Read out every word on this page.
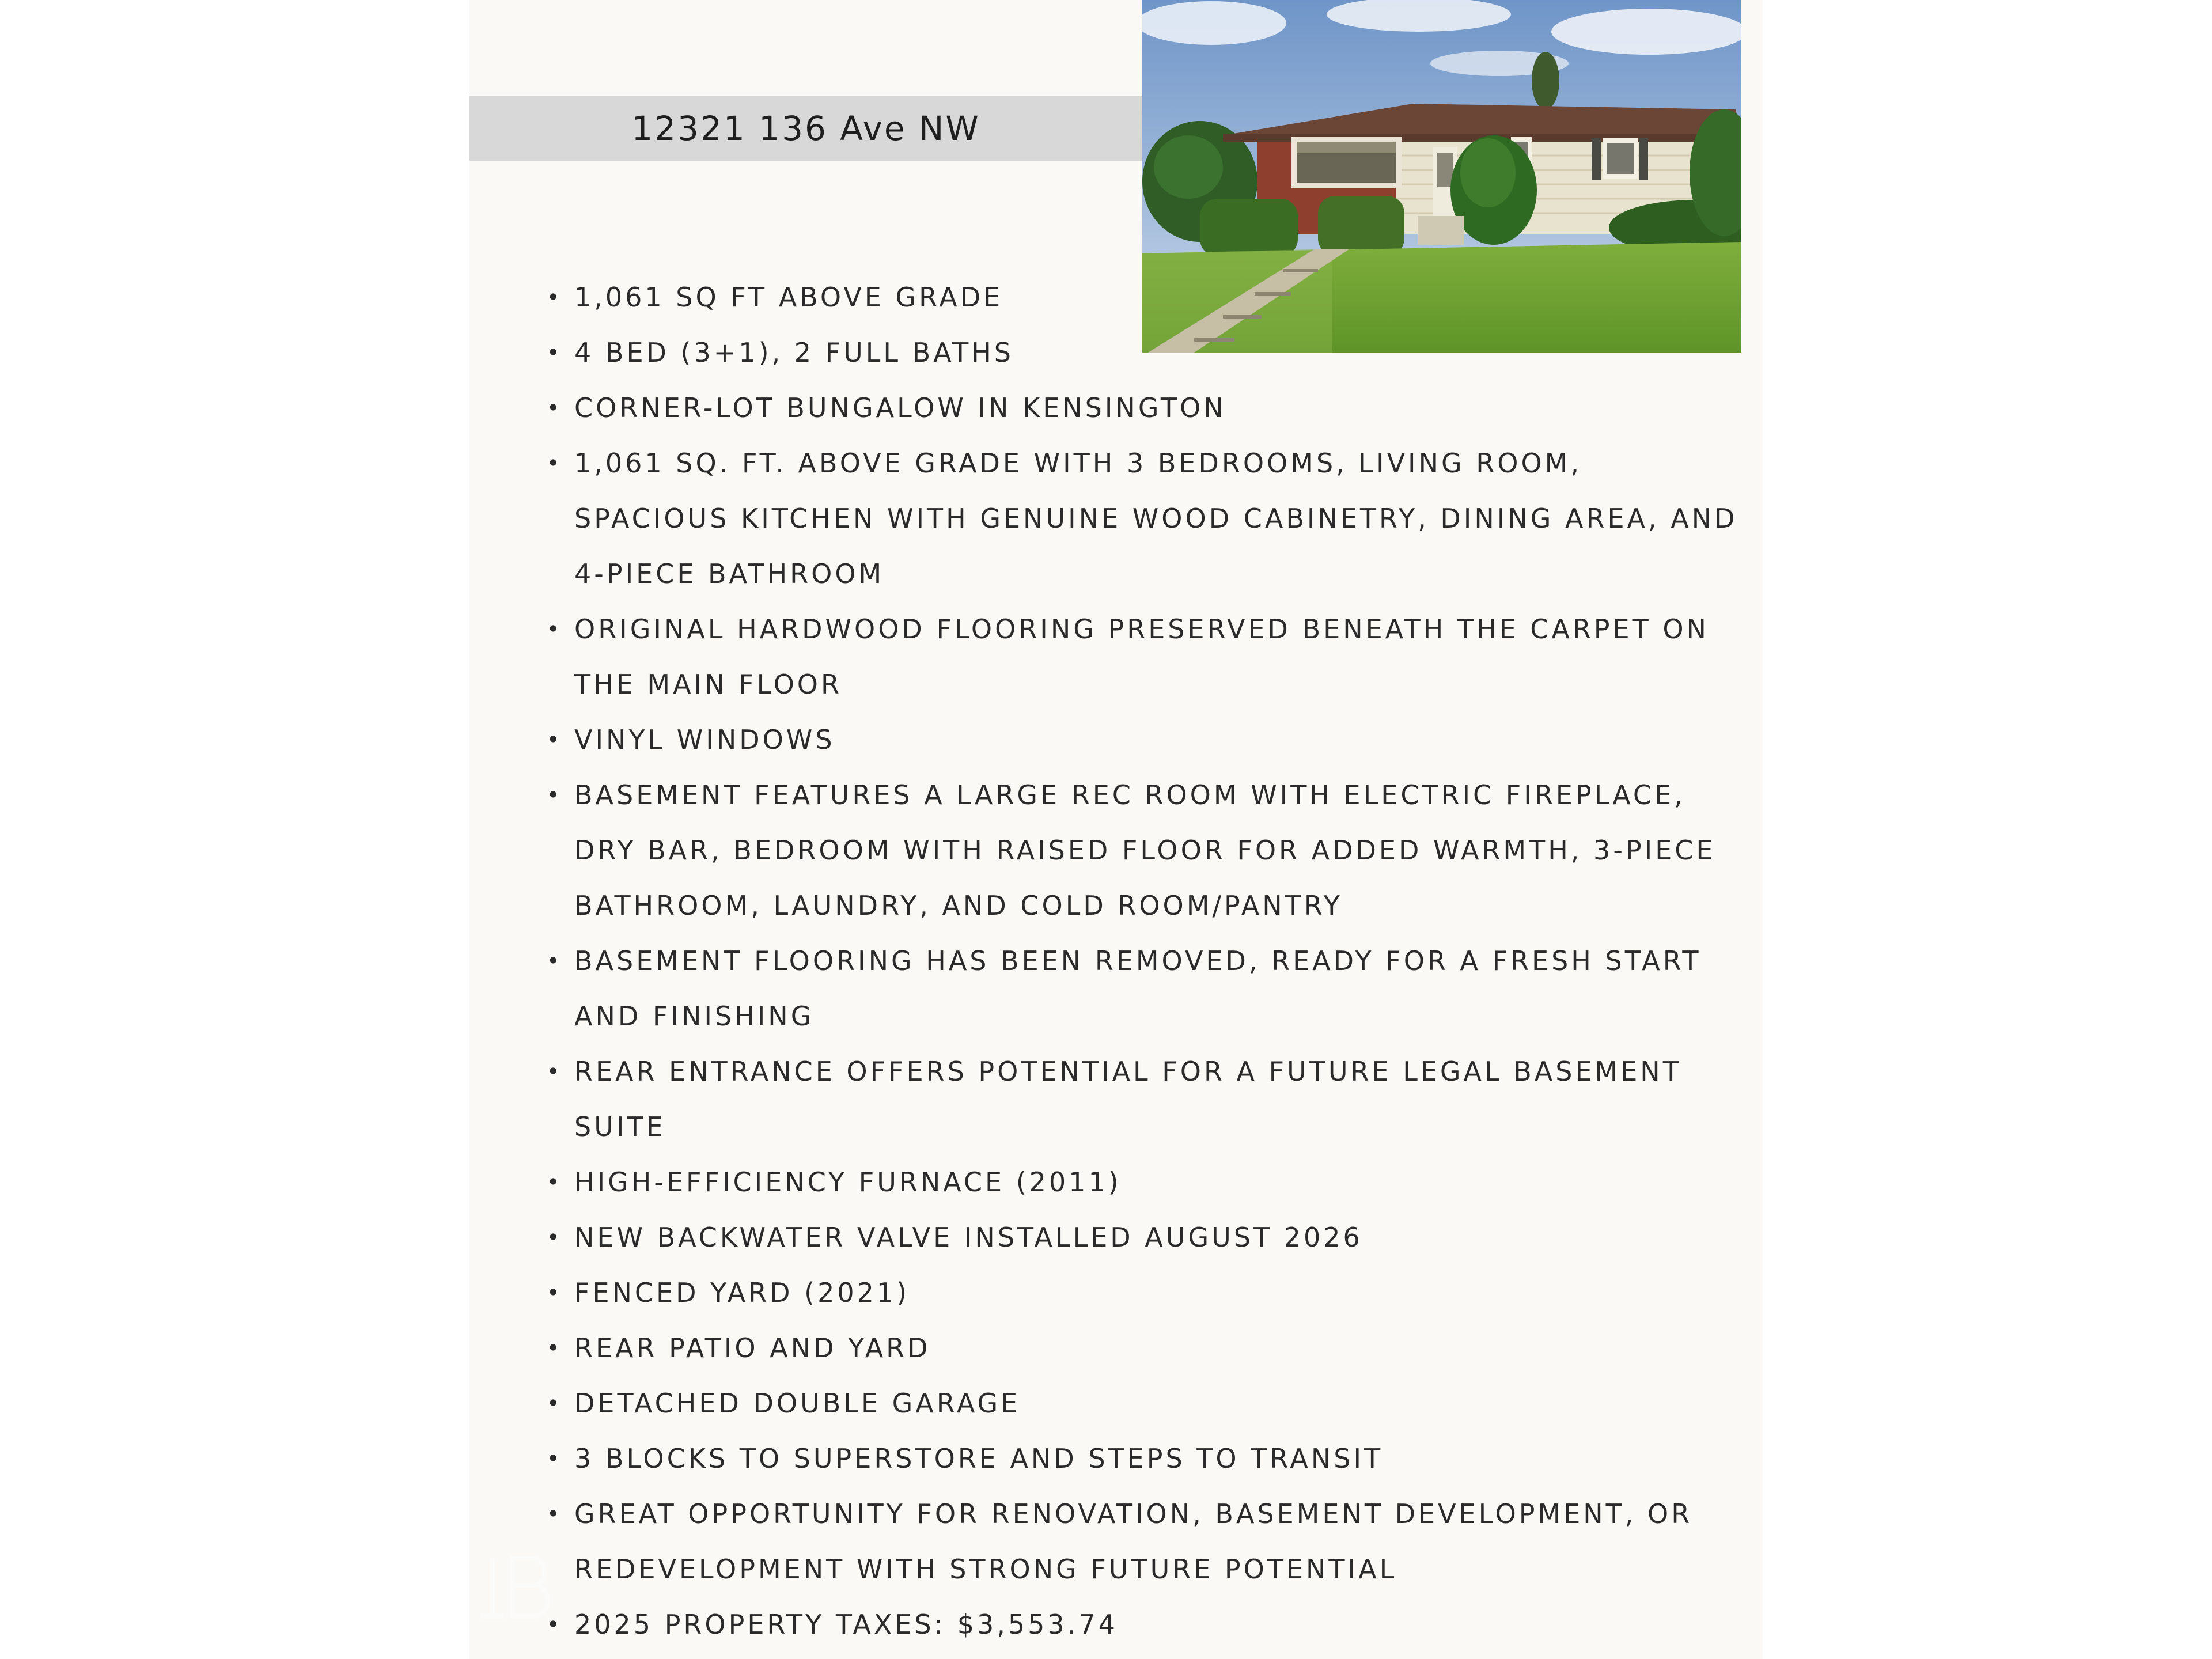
12321 136 Ave NW
• 1,061 SQ FT ABOVE GRADE
• 4 BED (3+1), 2 FULL BATHS
• CORNER-LOT BUNGALOW IN KENSINGTON
• 1,061 SQ. FT. ABOVE GRADE WITH 3 BEDROOMS, LIVING ROOM, SPACIOUS KITCHEN WITH GENUINE WOOD CABINETRY, DINING AREA, AND 4-PIECE BATHROOM
• ORIGINAL HARDWOOD FLOORING PRESERVED BENEATH THE CARPET ON THE MAIN FLOOR
• VINYL WINDOWS
• BASEMENT FEATURES A LARGE REC ROOM WITH ELECTRIC FIREPLACE, DRY BAR, BEDROOM WITH RAISED FLOOR FOR ADDED WARMTH, 3-PIECE BATHROOM, LAUNDRY, AND COLD ROOM/PANTRY
• BASEMENT FLOORING HAS BEEN REMOVED, READY FOR A FRESH START AND FINISHING
• REAR ENTRANCE OFFERS POTENTIAL FOR A FUTURE LEGAL BASEMENT SUITE
• HIGH-EFFICIENCY FURNACE (2011)
• NEW BACKWATER VALVE INSTALLED AUGUST 2026
• FENCED YARD (2021)
• REAR PATIO AND YARD
• DETACHED DOUBLE GARAGE
• 3 BLOCKS TO SUPERSTORE AND STEPS TO TRANSIT
• GREAT OPPORTUNITY FOR RENOVATION, BASEMENT DEVELOPMENT, OR REDEVELOPMENT WITH STRONG FUTURE POTENTIAL
• 2025 PROPERTY TAXES: $3,553.74
